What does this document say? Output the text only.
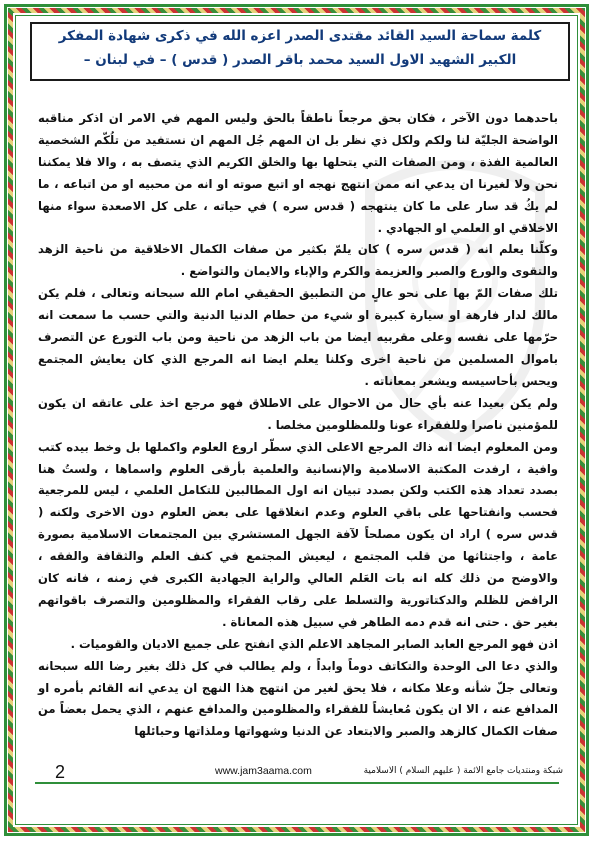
كلمة سماحة السيد القائد مقتدى الصدر اعزه الله في ذكرى شهادة المفكر
الكبير الشهيد الاول السيد محمد باقر الصدر ( قدس ) – في لبنان –

باحدهما دون الآخر ، فكان بحق مرجعاً ناطقاً بالحق وليس المهم في الامر ان اذكر مناقبه الواضحة الجليّة لنا ولكم ولكل ذي نظر بل ان المهم جُل المهم ان نستفيد من تلُكّم الشخصية العالمية الفذة ، ومن الصفات التي يتحلها بها والخلق الكريم الذي يتصف به ، والا فلا يمكننا نحن ولا لغيرنا ان يدعي انه ممن انتهج نهجه او اتبع صوته او انه من محبيه او من اتباعه ، ما لم يكُ قد سار على ما كان ينتهجه ( قدس سره ) في حياته ، على كل الاصعدة سواء منها الاخلاقي او العلمي او الجهادي .

وكلّنا يعلم انه ( قدس سره ) كان يلمّ بكثير من صفات الكمال الاخلاقية من ناحية الزهد والتقوى والورع والصبر والعزيمة والكرم والإباء والايمان والتواضع .

تلك صفات المّ بها على نحو عالٍ من التطبيق الحقيقي امام الله سبحانه وتعالى ، فلم يكن مالك لدار فارهة او سيارة كبيرة او شيء من حطام الدنيا الدنية والتي حسب ما سمعت انه حرّمها على نفسه وعلى مقربيه ايضا من باب الزهد من ناحية ومن باب التورع عن التصرف باموال المسلمين من ناحية اخرى وكلنا يعلم ايضا انه المرجع الذي كان يعايش المجتمع ويحس بأحاسيسه ويشعر بمعاناته .

ولم يكن بعيدا عنه بأي حال من الاحوال على الاطلاق فهو مرجع اخذ على عاتقه ان يكون للمؤمنين ناصرا وللفقراء عونا وللمظلومين مخلصا .

ومن المعلوم ايضا انه ذاك المرجع الاعلى الذي سطّر اروع العلوم واكملها بل وخط بيده كتب وافية ، ارفدت المكتبة الاسلامية والإنسانية والعلمية بأرقى العلوم واسماها ، ولستُ هنا بصدد تعداد هذه الكتب ولكن بصدد تبيان انه اول المطالبين للتكامل العلمي ، ليس للمرجعية فحسب وانفتاحها على باقي العلوم وعدم انغلاقها على بعض العلوم دون الاخرى ولكنه ( قدس سره ) اراد ان يكون مصلحاً لآفة الجهل المستشري بين المجتمعات الاسلامية بصورة عامة ، واجتثاثها من قلب المجتمع ، ليعيش المجتمع في كنف العلم والثقافة والفقه ، والاوضح من ذلك كله انه بات العَلم العالي والراية الجهادية الكبرى في زمنه ، فانه كان الرافض للظلم والدكتاتورية والتسلط على رقاب الفقراء والمظلومين والتصرف باقواتهم بغير حق . حتى انه قدم دمه الطاهر في سبيل هذه المعاناة .

اذن فهو المرجع العابد الصابر المجاهد الاعلم الذي انفتح على جميع الاديان والقوميات .

والذي دعا الى الوحدة والتكاتف دوماً وابداً ، ولم يطالب في كل ذلك بغير رضا الله سبحانه وتعالى جلّ شأنه وعلا مكانه ، فلا يحق لغير من انتهج هذا النهج ان يدعي انه القائم بأمره او المدافع عنه ، الا ان يكون مُعايشاً للفقراء والمظلومين والمدافع عنهم ، الذي يحمل بعضاً من صفات الكمال كالزهد والصبر والابتعاد عن الدنيا وشهواتها وملذاتها وحبائلها

2	www.jam3aama.com	شبكة ومنتديات جامع الائمة ( عليهم السلام ) الاسلامية
